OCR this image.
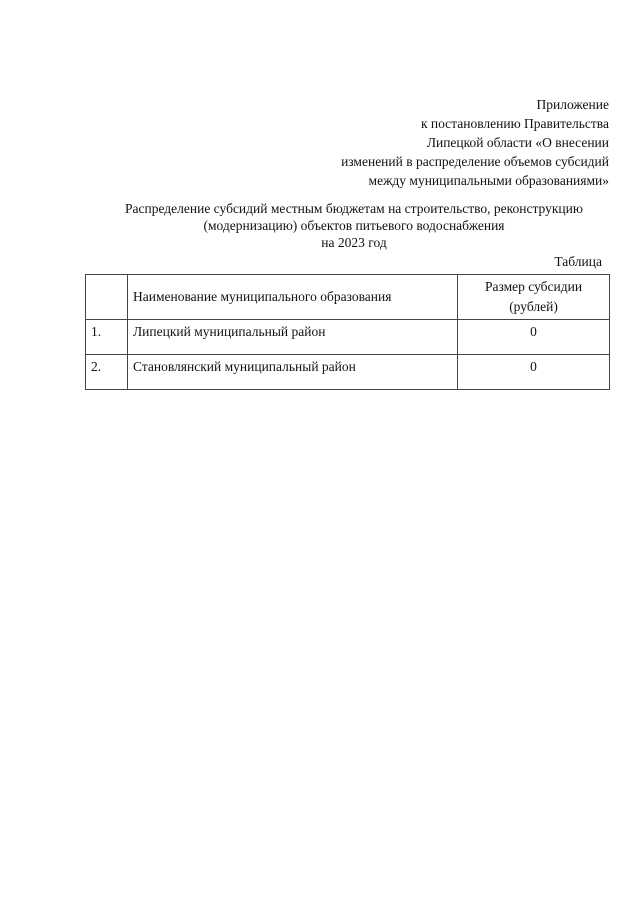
Приложение
к постановлению Правительства
Липецкой области «О внесении
изменений в распределение объемов субсидий
между муниципальными образованиями»
Распределение субсидий местным бюджетам на строительство, реконструкцию
(модернизацию) объектов питьевого водоснабжения
на 2023 год
Таблица
	Наименование муниципального образования	Размер субсидии
(рублей)

1.	Липецкий муниципальный район	0
2.	Становлянский муниципальный район	0
